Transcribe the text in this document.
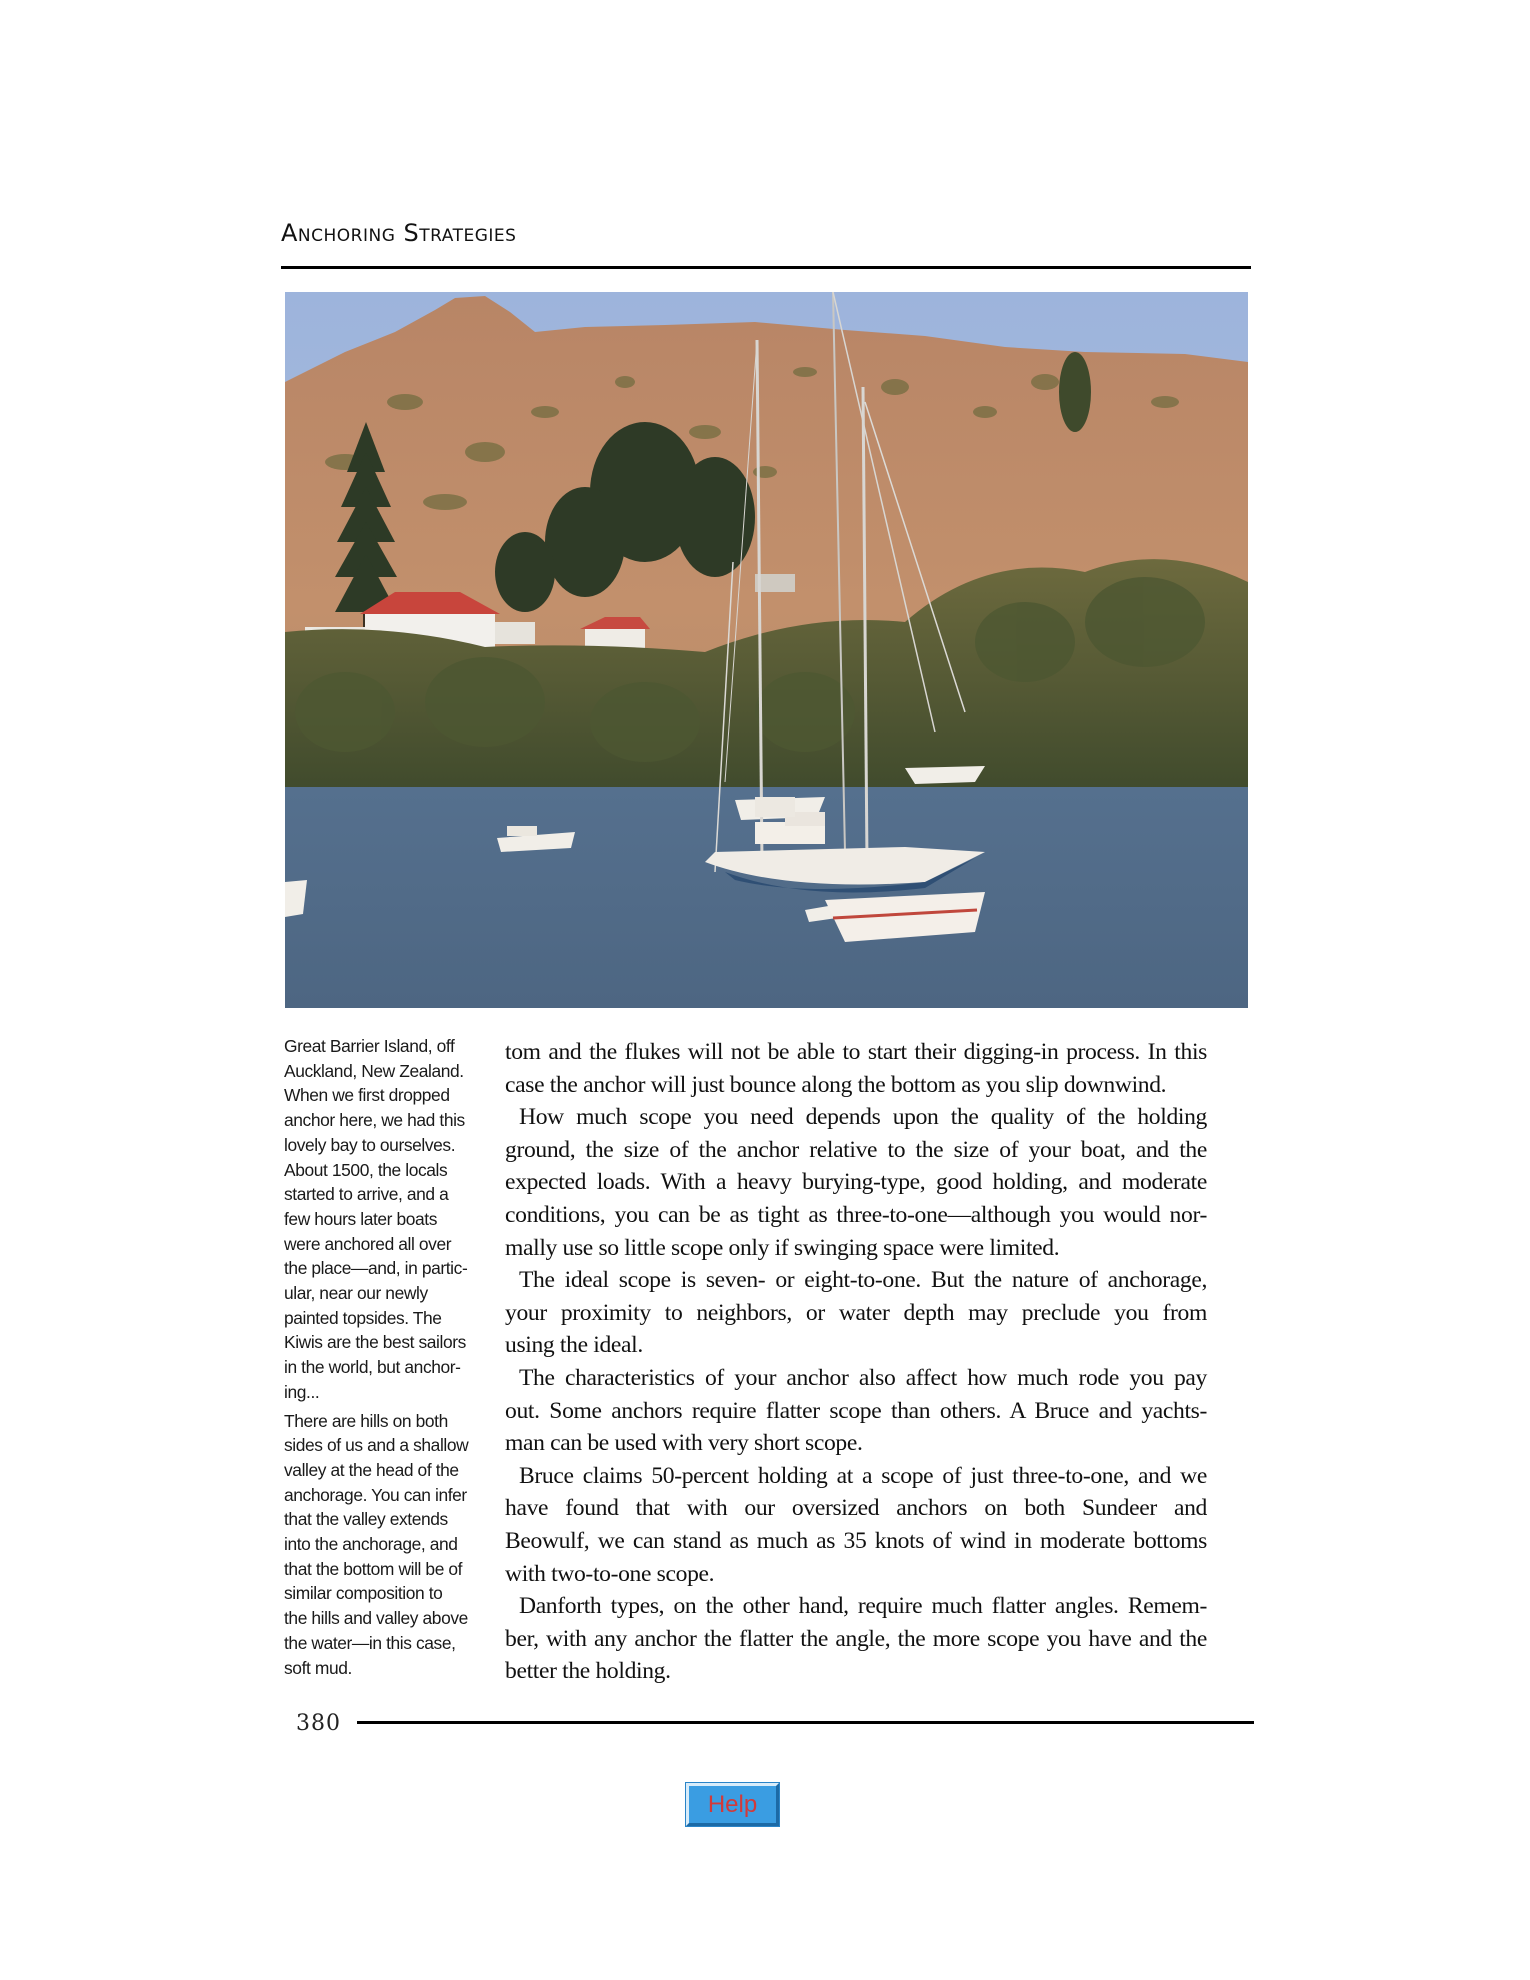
Anchoring Strategies

Great Barrier Island, off
Auckland, New Zealand.
When we first dropped
anchor here, we had this
lovely bay to ourselves.
About 1500, the locals
started to arrive, and a
few hours later boats
were anchored all over
the place—and, in partic-
ular, near our newly
painted topsides. The
Kiwis are the best sailors
in the world, but anchor-
ing...

There are hills on both
sides of us and a shallow
valley at the head of the
anchorage. You can infer
that the valley extends
into the anchorage, and
that the bottom will be of
similar composition to
the hills and valley above
the water—in this case,
soft mud.

tom and the flukes will not be able to start their digging-in process. In this
case the anchor will just bounce along the bottom as you slip downwind.
How much scope you need depends upon the quality of the holding
ground, the size of the anchor relative to the size of your boat, and the
expected loads. With a heavy burying-type, good holding, and moderate
conditions, you can be as tight as three-to-one—although you would nor-
mally use so little scope only if swinging space were limited.
The ideal scope is seven- or eight-to-one. But the nature of anchorage,
your proximity to neighbors, or water depth may preclude you from
using the ideal.
The characteristics of your anchor also affect how much rode you pay
out. Some anchors require flatter scope than others. A Bruce and yachts-
man can be used with very short scope.
Bruce claims 50-percent holding at a scope of just three-to-one, and we
have found that with our oversized anchors on both Sundeer and
Beowulf, we can stand as much as 35 knots of wind in moderate bottoms
with two-to-one scope.
Danforth types, on the other hand, require much flatter angles. Remem-
ber, with any anchor the flatter the angle, the more scope you have and the
better the holding.
380
Help
